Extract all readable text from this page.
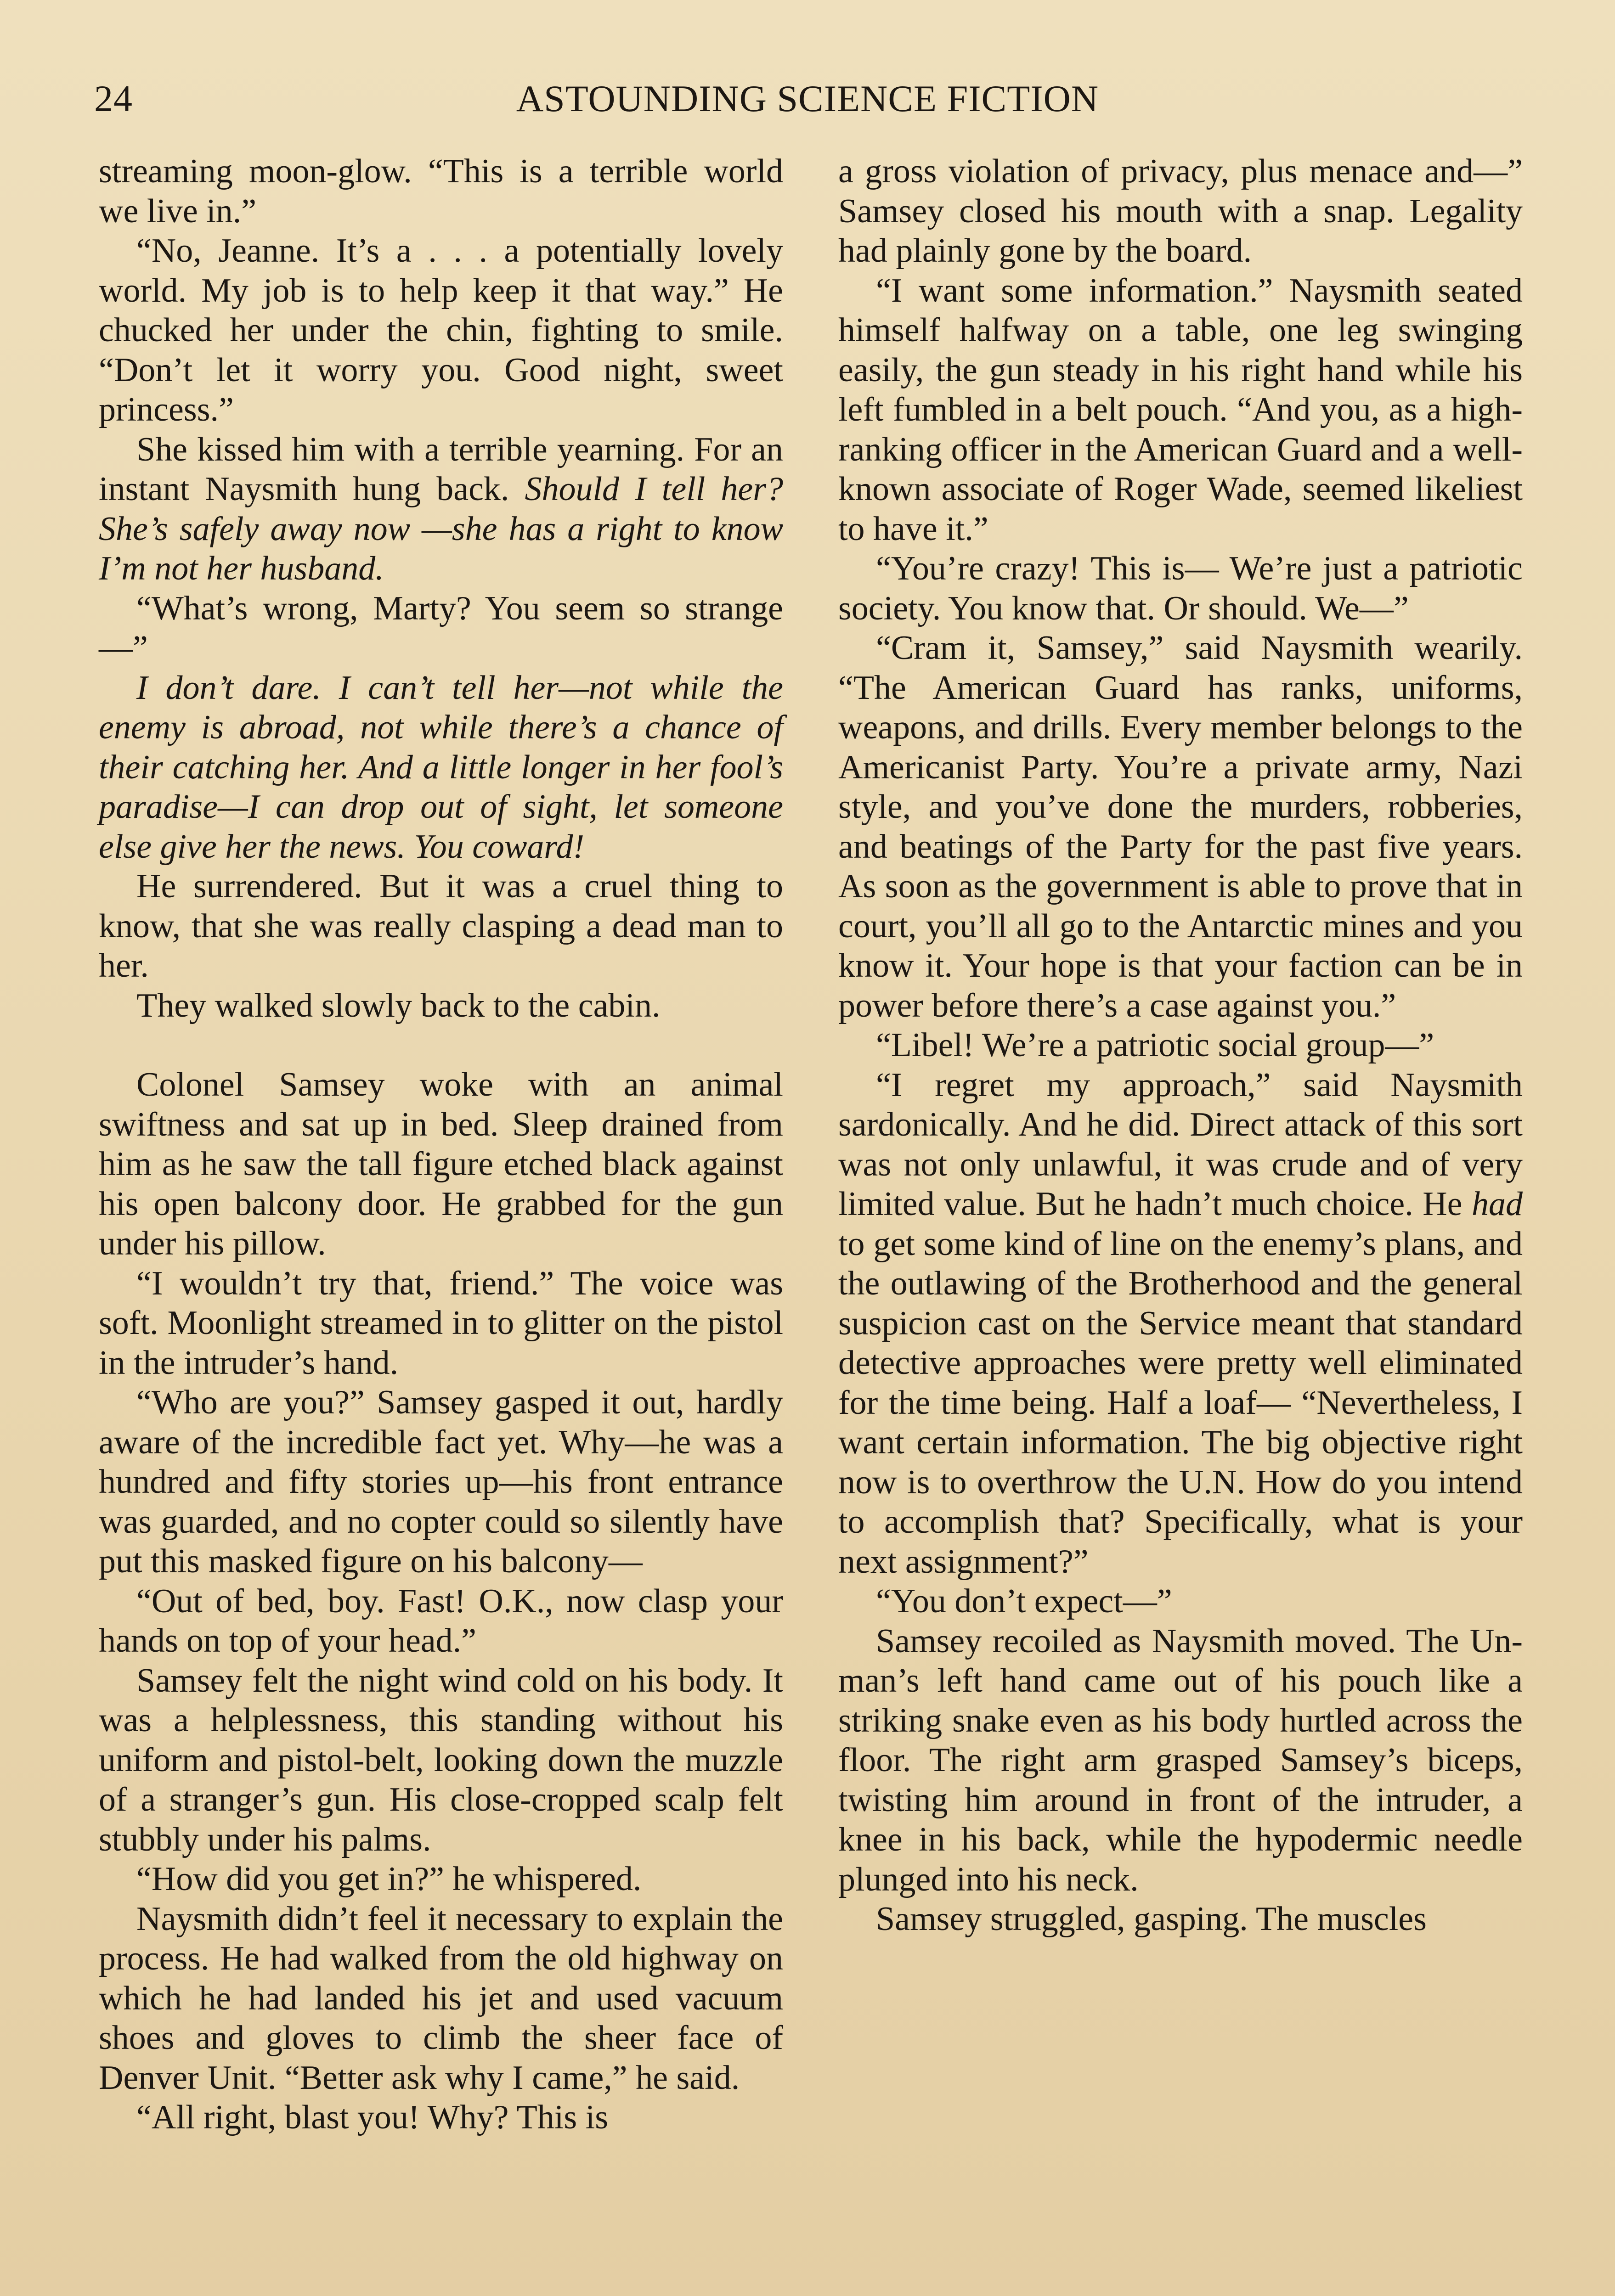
24	ASTOUNDING SCIENCE FICTION

streaming moon-glow. “This is a terrible world we live in.”

“No, Jeanne. It’s a . . . a potentially lovely world. My job is to help keep it that way.” He chucked her under the chin, fighting to smile. “Don’t let it worry you. Good night, sweet princess.”

She kissed him with a terrible yearning. For an instant Naysmith hung back. Should I tell her? She’s safely away now —she has a right to know I’m not her husband.

“What’s wrong, Marty? You seem so strange—”

I don’t dare. I can’t tell her—not while the enemy is abroad, not while there’s a chance of their catching her. And a little longer in her fool’s paradise—I can drop out of sight, let someone else give her the news. You coward!

He surrendered. But it was a cruel thing to know, that she was really clasping a dead man to her.

They walked slowly back to the cabin.

Colonel Samsey woke with an animal swiftness and sat up in bed. Sleep drained from him as he saw the tall figure etched black against his open balcony door. He grabbed for the gun under his pillow.

“I wouldn’t try that, friend.” The voice was soft. Moonlight streamed in to glitter on the pistol in the intruder’s hand.

“Who are you?” Samsey gasped it out, hardly aware of the incredible fact yet. Why—he was a hundred and fifty stories up—his front entrance was guarded, and no copter could so silently have put this masked figure on his balcony—

“Out of bed, boy. Fast! O.K., now clasp your hands on top of your head.”

Samsey felt the night wind cold on his body. It was a helplessness, this standing without his uniform and pistol-belt, looking down the muzzle of a stranger’s gun. His close-cropped scalp felt stubbly under his palms.

“How did you get in?” he whispered.

Naysmith didn’t feel it necessary to explain the process. He had walked from the old highway on which he had landed his jet and used vacuum shoes and gloves to climb the sheer face of Denver Unit. “Better ask why I came,” he said.

“All right, blast you! Why? This is

a gross violation of privacy, plus menace and—” Samsey closed his mouth with a snap. Legality had plainly gone by the board.

“I want some information.” Naysmith seated himself halfway on a table, one leg swinging easily, the gun steady in his right hand while his left fumbled in a belt pouch. “And you, as a high-ranking officer in the American Guard and a well-known associate of Roger Wade, seemed likeliest to have it.”

“You’re crazy! This is— We’re just a patriotic society. You know that. Or should. We—”

“Cram it, Samsey,” said Naysmith wearily. “The American Guard has ranks, uniforms, weapons, and drills. Every member belongs to the Americanist Party. You’re a private army, Nazi style, and you’ve done the murders, robberies, and beatings of the Party for the past five years. As soon as the government is able to prove that in court, you’ll all go to the Antarctic mines and you know it. Your hope is that your faction can be in power before there’s a case against you.”

“Libel! We’re a patriotic social group—”

“I regret my approach,” said Naysmith sardonically. And he did. Direct attack of this sort was not only unlawful, it was crude and of very limited value. But he hadn’t much choice. He had to get some kind of line on the enemy’s plans, and the outlawing of the Brotherhood and the general suspicion cast on the Service meant that standard detective approaches were pretty well eliminated for the time being. Half a loaf— “Nevertheless, I want certain information. The big objective right now is to overthrow the U.N. How do you intend to accomplish that? Specifically, what is your next assignment?”

“You don’t expect—”

Samsey recoiled as Naysmith moved. The Un-man’s left hand came out of his pouch like a striking snake even as his body hurtled across the floor. The right arm grasped Samsey’s biceps, twisting him around in front of the intruder, a knee in his back, while the hypodermic needle plunged into his neck.

Samsey struggled, gasping. The muscles
